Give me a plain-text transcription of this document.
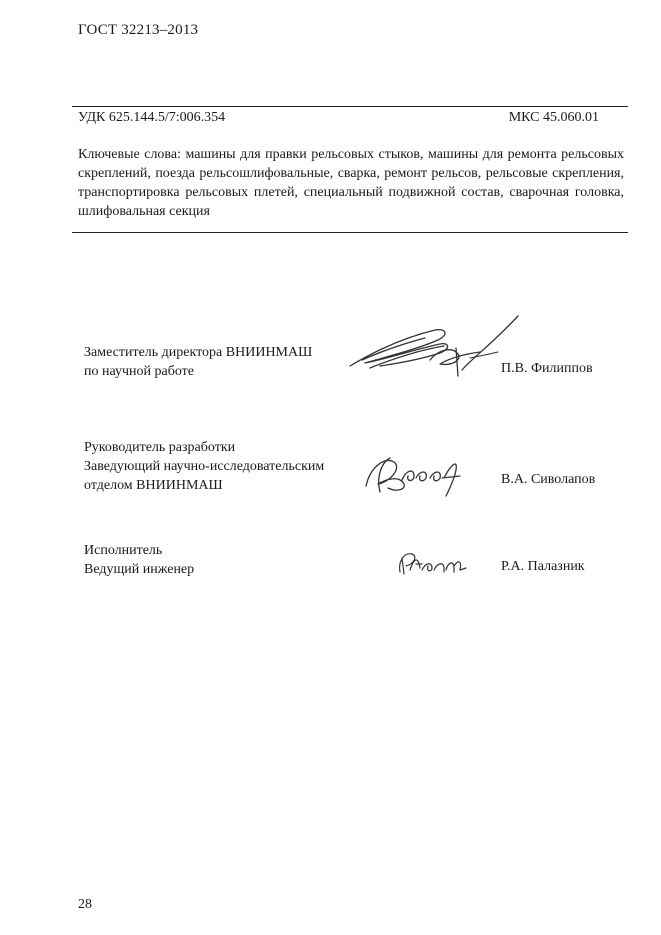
ГОСТ 32213–2013
УДК 625.144.5/7:006.354	МКС 45.060.01
Ключевые слова: машины для правки рельсовых стыков, машины для ремонта рельсовых скреплений, поезда рельсошлифовальные, сварка, ремонт рельсов, рельсовые скрепления, транспортировка рельсовых плетей, специальный подвижной состав, сварочная головка, шлифовальная секция
Заместитель директора ВНИИНМАШ
по научной работе	П.В. Филиппов
Руководитель разработки
Заведующий научно-исследовательским
отделом ВНИИНМАШ	В.А. Сиволапов
Исполнитель
Ведущий инженер	Р.А. Палазник
28
